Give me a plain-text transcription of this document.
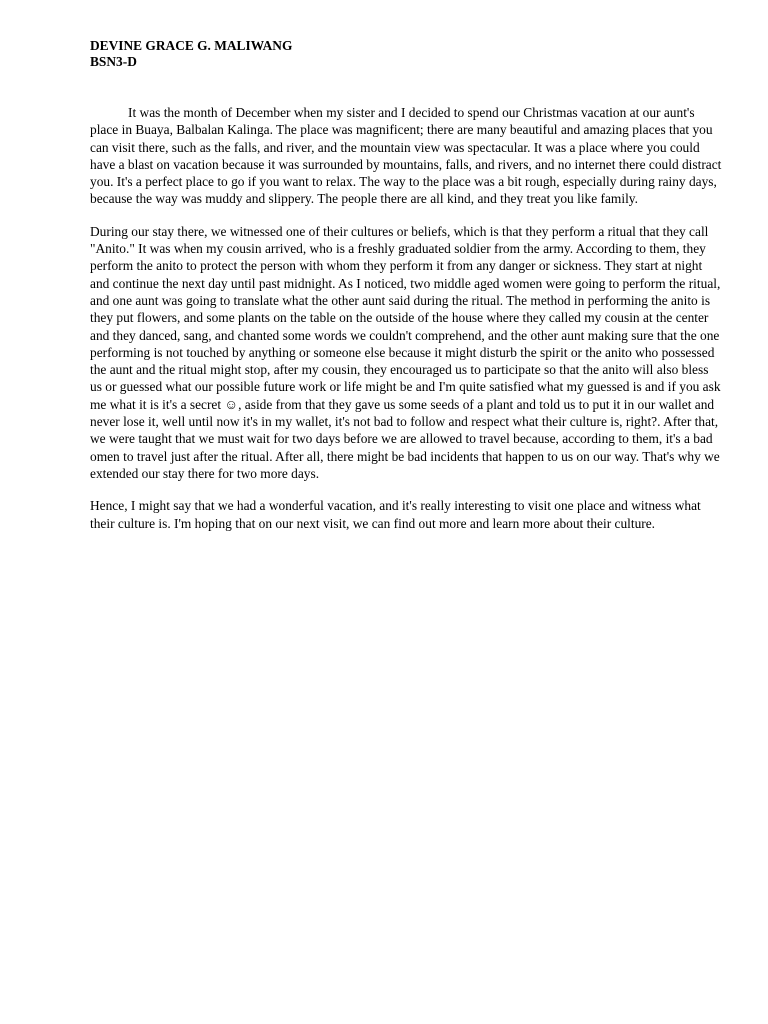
DEVINE GRACE G. MALIWANG

BSN3-D

It was the month of December when my sister and I decided to spend our Christmas vacation at our aunt's place in Buaya, Balbalan Kalinga. The place was magnificent; there are many beautiful and amazing places that you can visit there, such as the falls, and river, and the mountain view was spectacular. It was a place where you could have a blast on vacation because it was surrounded by mountains, falls, and rivers, and no internet there could distract you. It's a perfect place to go if you want to relax. The way to the place was a bit rough, especially during rainy days, because the way was muddy and slippery. The people there are all kind, and they treat you like family.

During our stay there, we witnessed one of their cultures or beliefs, which is that they perform a ritual that they call "Anito." It was when my cousin arrived, who is a freshly graduated soldier from the army. According to them, they perform the anito to protect the person with whom they perform it from any danger or sickness. They start at night and continue the next day until past midnight. As I noticed, two middle aged women were going to perform the ritual, and one aunt was going to translate what the other aunt said during the ritual. The method in performing the anito is they put flowers, and some plants on the table on the outside of the house where they called my cousin at the center and they danced, sang, and chanted some words we couldn't comprehend, and the other aunt making sure that the one performing is not touched by anything or someone else because it might disturb the spirit or the anito who possessed the aunt and the ritual might stop, after my cousin, they encouraged us to participate so that the anito will also bless us or guessed what our possible future work or life might be and I'm quite satisfied what my guessed is and if you ask me what it is it's a secret ☺, aside from that they gave us some seeds of a plant and told us to put it in our wallet and never lose it, well until now it's in my wallet, it's not bad to follow and respect what their culture is, right?. After that, we were taught that we must wait for two days before we are allowed to travel because, according to them, it's a bad omen to travel just after the ritual. After all, there might be bad incidents that happen to us on our way. That's why we extended our stay there for two more days.

Hence, I might say that we had a wonderful vacation, and it's really interesting to visit one place and witness what their culture is. I'm hoping that on our next visit, we can find out more and learn more about their culture.
